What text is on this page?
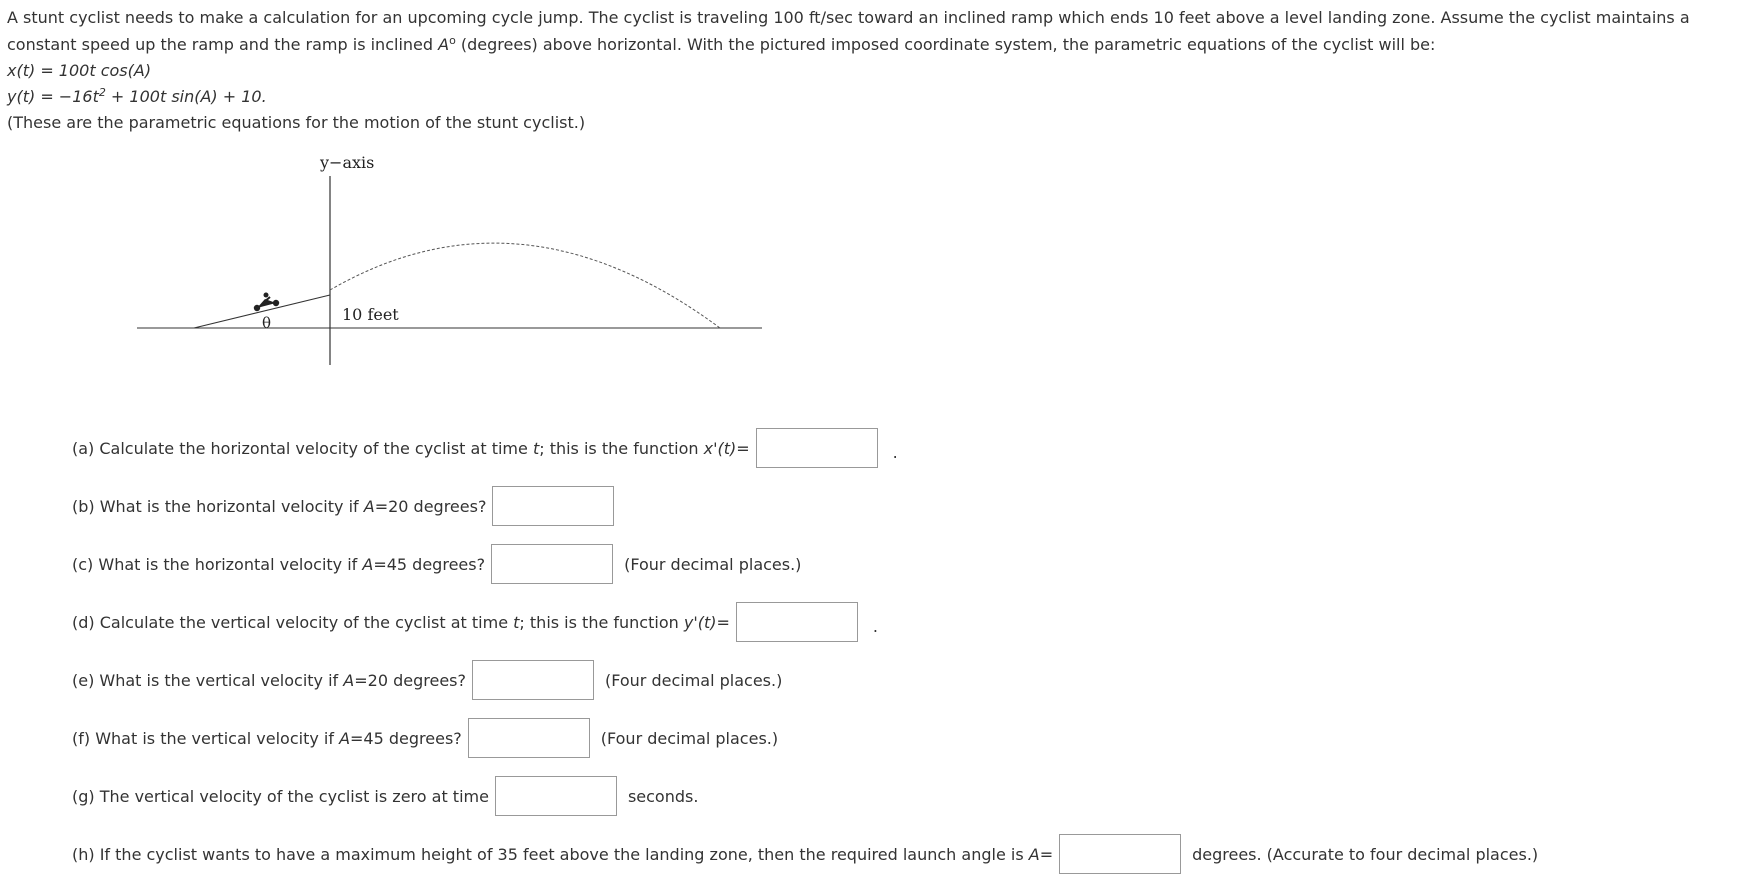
A stunt cyclist needs to make a calculation for an upcoming cycle jump. The cyclist is traveling 100 ft/sec toward an inclined ramp which ends 10 feet above a level landing zone. Assume the cyclist maintains a constant speed up the ramp and the ramp is inclined $A^o$ (degrees) above horizontal. With the pictured imposed coordinate system, the parametric equations of the cyclist will be:

x(t) = 100t cos(A)
$y(t) = -16t^2 + 100t$ sin(A) + 10.
(These are the parametric equations for the motion of the stunt cyclist.)
y−axis
10 feet
θ
(a) Calculate the horizontal velocity of the cyclist at time t; this is the function x'(t)=	.
(b) What is the horizontal velocity if A=20 degrees?
(c) What is the horizontal velocity if A=45 degrees?	(Four decimal places.)
(d) Calculate the vertical velocity of the cyclist at time t; this is the function y'(t)=	.
(e) What is the vertical velocity if A=20 degrees?	(Four decimal places.)
(f) What is the vertical velocity if A=45 degrees?	(Four decimal places.)
(g) The vertical velocity of the cyclist is zero at time	seconds.
(h) If the cyclist wants to have a maximum height of 35 feet above the landing zone, then the required launch angle is A=	degrees. (Accurate to four decimal places.)
